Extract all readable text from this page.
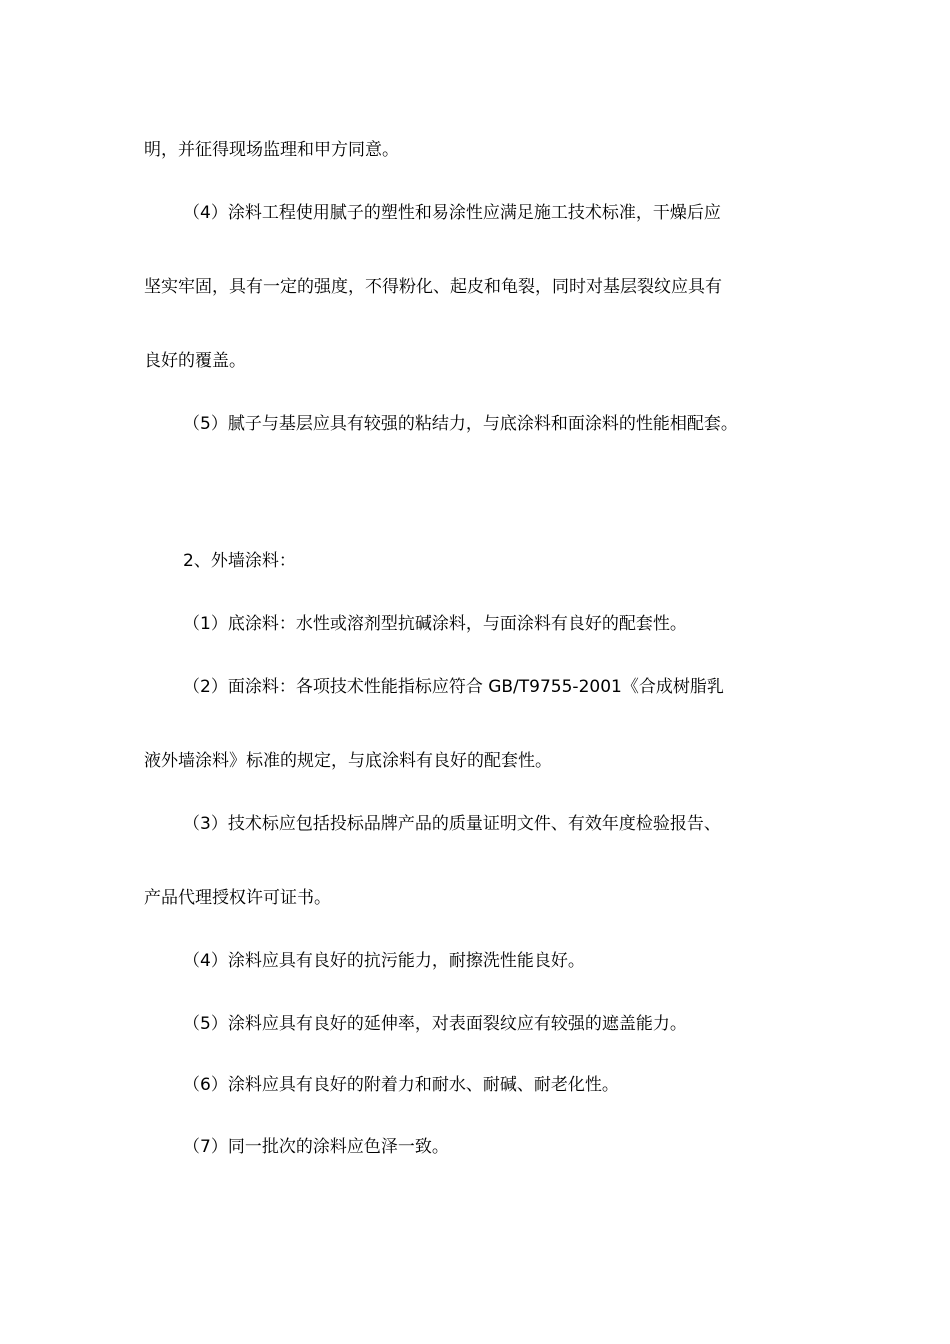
明，并征得现场监理和甲方同意。
（4）涂料工程使用腻子的塑性和易涂性应满足施工技术标准，干燥后应
坚实牢固，具有一定的强度，不得粉化、起皮和龟裂，同时对基层裂纹应具有
良好的覆盖。
（5）腻子与基层应具有较强的粘结力，与底涂料和面涂料的性能相配套。
2、外墙涂料：
（1）底涂料：水性或溶剂型抗碱涂料，与面涂料有良好的配套性。
（2）面涂料：各项技术性能指标应符合 GB/T9755-2001《合成树脂乳
液外墙涂料》标准的规定，与底涂料有良好的配套性。
（3）技术标应包括投标品牌产品的质量证明文件、有效年度检验报告、
产品代理授权许可证书。
（4）涂料应具有良好的抗污能力，耐擦洗性能良好。
（5）涂料应具有良好的延伸率，对表面裂纹应有较强的遮盖能力。
（6）涂料应具有良好的附着力和耐水、耐碱、耐老化性。
（7）同一批次的涂料应色泽一致。
